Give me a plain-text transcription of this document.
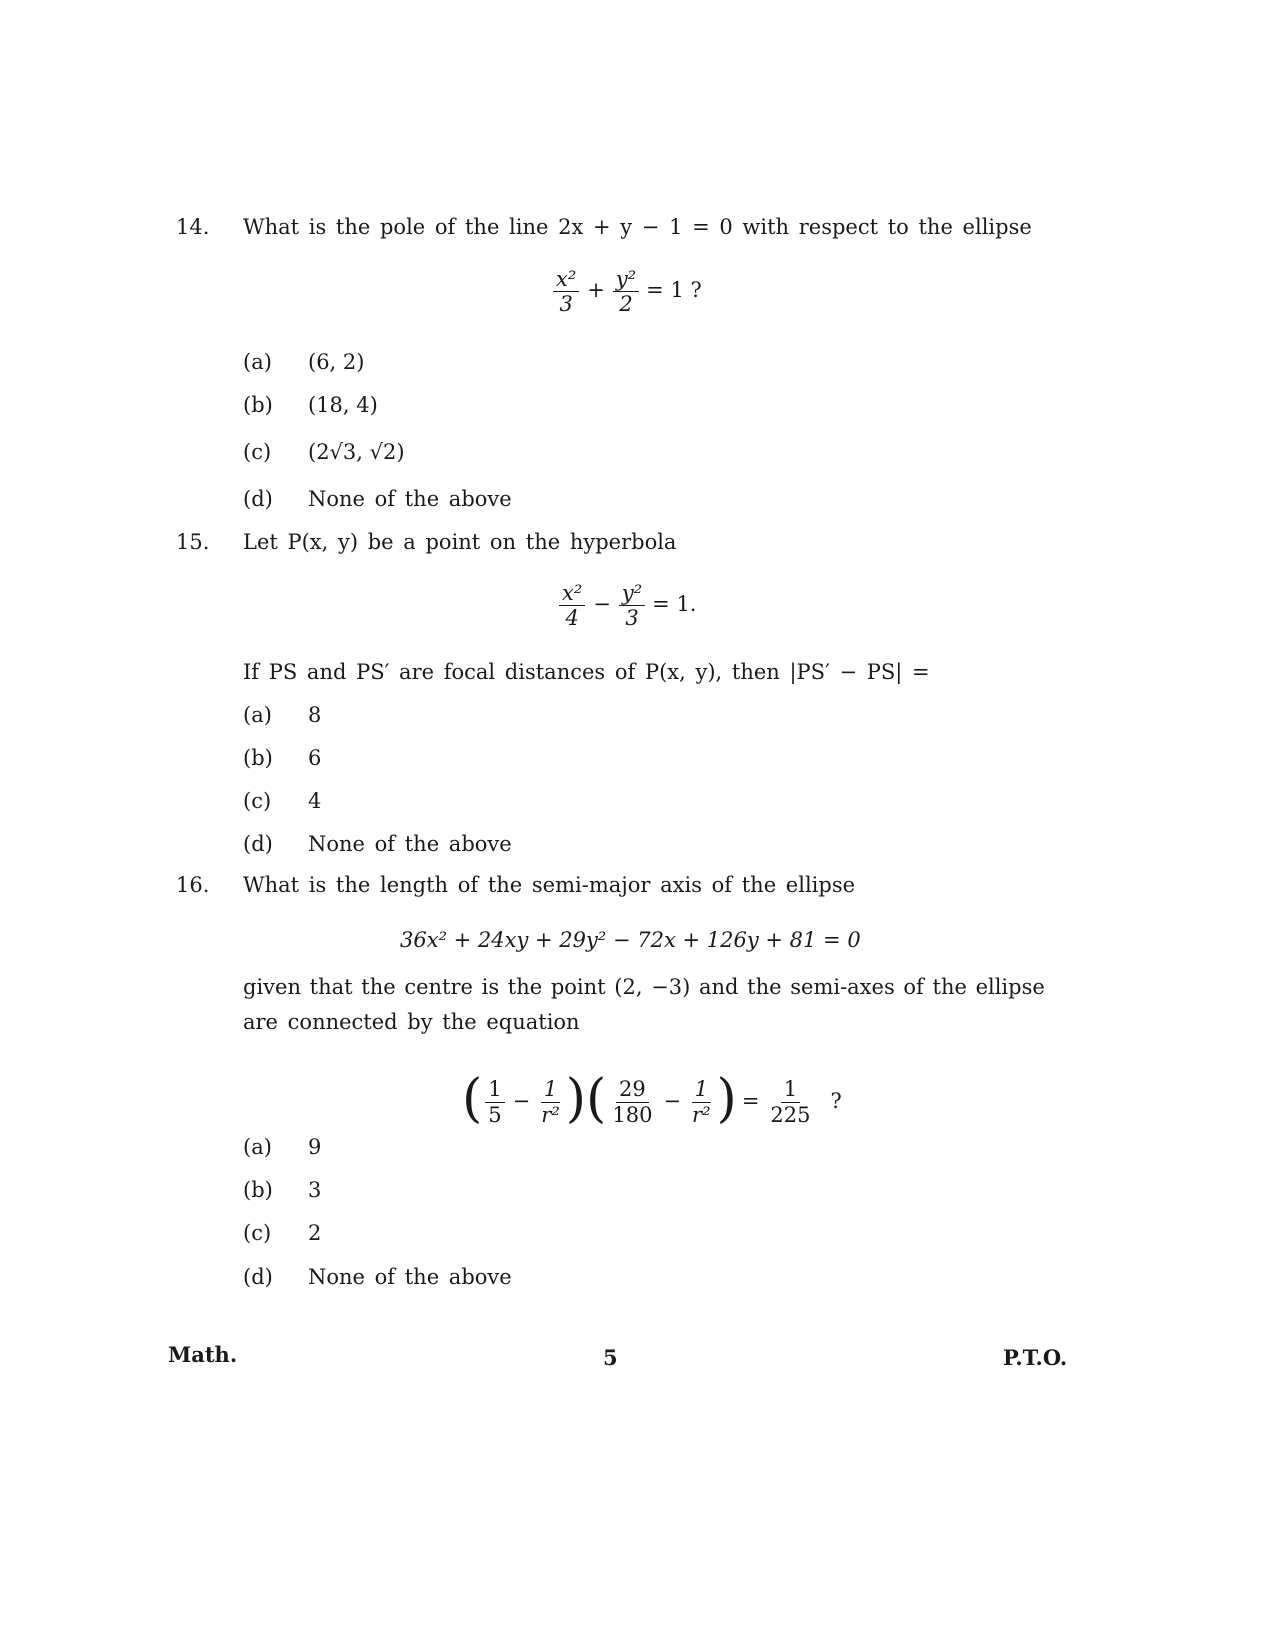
14. What is the pole of the line 2x + y − 1 = 0 with respect to the ellipse
$\frac{\text{x²}}{3} + \frac{\text{y²}}{2} = 1$ ?
(a) (6, 2)
(b) (18, 4)
(c) (2√3, √2)
(d) None of the above
15. Let P(x, y) be a point on the hyperbola
$\frac{\text{x²}}{4} - \frac{\text{y²}}{3} = 1$.
If PS and PS′ are focal distances of P(x, y), then |PS′ − PS| =
(a) 8
(b) 6
(c) 4
(d) None of the above
16. What is the length of the semi-major axis of the ellipse
36x² + 24xy + 29y² − 72x + 126y + 81 = 0
given that the centre is the point (2, −3) and the semi-axes of the ellipse
are connected by the equation
( $\frac{1}{5} - \frac{1}{\text{r²}}$ )( $\frac{29}{180} - \frac{1}{\text{r²}}$ ) = $\frac{1}{225}$ ?
(a) 9
(b) 3
(c) 2
(d) None of the above
Math.	5	P.T.O.
